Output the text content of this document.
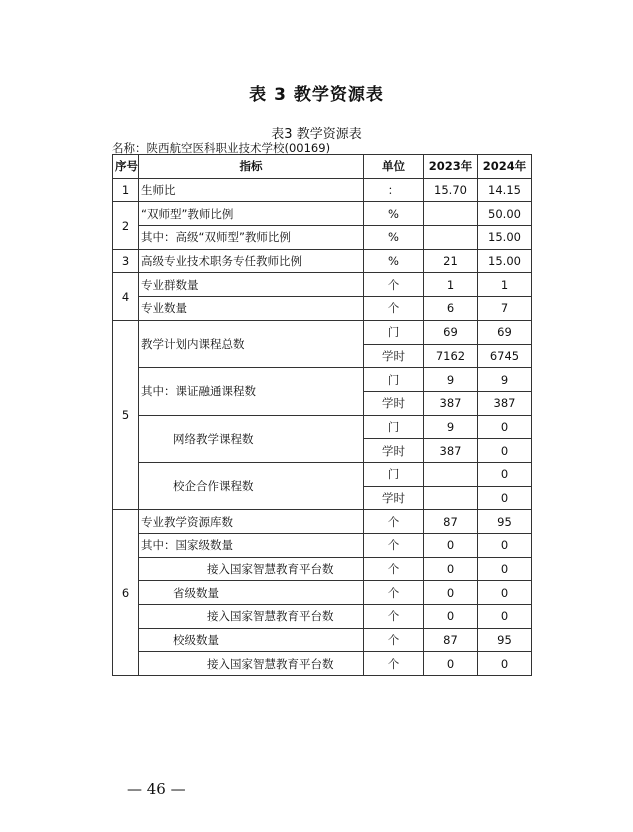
表 3 教学资源表
表3 教学资源表
名称：陕西航空医科职业技术学校(00169)
序号	指标	单位	2023年	2024年
1	生师比	：	15.70	14.15
2	“双师型”教师比例	%		50.00
	其中：高级“双师型”教师比例	%		15.00
3	高级专业技术职务专任教师比例	%	21	15.00
4	专业群数量	个	1	1
	专业数量	个	6	7
5	教学计划内课程总数	门	69	69
		学时	7162	6745
	其中：课证融通课程数	门	9	9
		学时	387	387
	网络教学课程数	门	9	0
		学时	387	0
	校企合作课程数	门		0
		学时		0
6	专业教学资源库数	个	87	95
	其中：国家级数量	个	0	0
	接入国家智慧教育平台数	个	0	0
	省级数量	个	0	0
	接入国家智慧教育平台数	个	0	0
	校级数量	个	87	95
	接入国家智慧教育平台数	个	0	0
— 46 —
